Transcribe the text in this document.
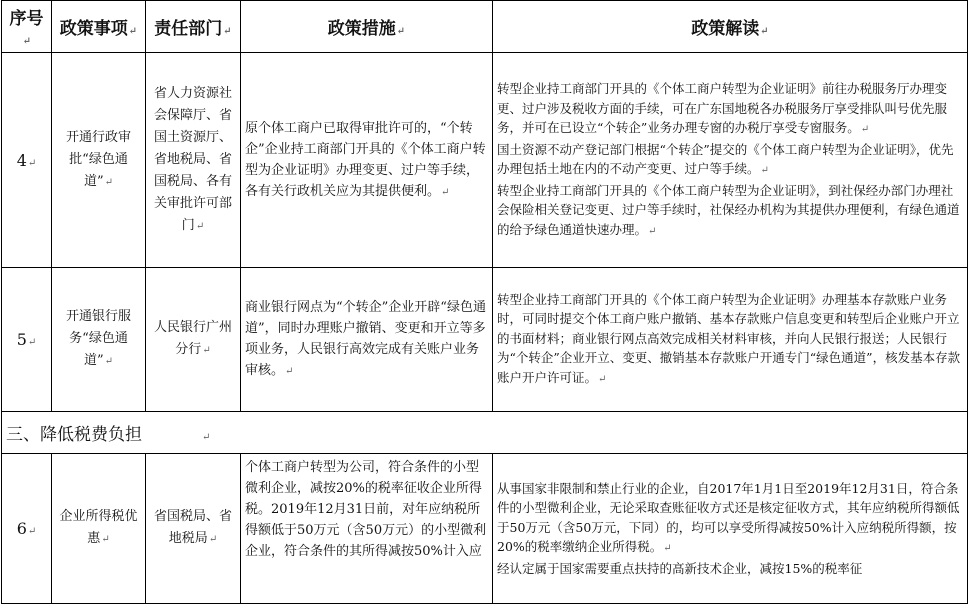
序号↵	政策事项↵	责任部门↵	政策措施↵	政策解读↵
4↵	开通行政审批“绿色通道”↵	省人力资源社会保障厅、省国土资源厅、省地税局、省国税局、各有关审批许可部门↵	原个体工商户已取得审批许可的，“个转企”企业持工商部门开具的《个体工商户转型为企业证明》办理变更、过户等手续，各有关行政机关应为其提供便利。↵	转型企业持工商部门开具的《个体工商户转型为企业证明》前往办税服务厅办理变更、过户涉及税收方面的手续，可在广东国地税各办税服务厅享受排队叫号优先服务，并可在已设立“个转企”业务办理专窗的办税厅享受专窗服务。↵

国土资源不动产登记部门根据“个转企”提交的《个体工商户转型为企业证明》，优先办理包括土地在内的不动产变更、过户等手续。↵

转型企业持工商部门开具的《个体工商户转型为企业证明》，到社保经办部门办理社会保险相关登记变更、过户等手续时，社保经办机构为其提供办理便利，有绿色通道的给予绿色通道快速办理。↵

5↵	开通银行服务“绿色通道”↵	人民银行广州分行↵	商业银行网点为“个转企”企业开辟“绿色通道”，同时办理账户撤销、变更和开立等多项业务，人民银行高效完成有关账户业务审核。↵	转型企业持工商部门开具的《个体工商户转型为企业证明》办理基本存款账户业务时，可同时提交个体工商户账户撤销、基本存款账户信息变更和转型后企业账户开立的书面材料；商业银行网点高效完成相关材料审核，并向人民银行报送；人民银行为“个转企”企业开立、变更、撤销基本存款账户开通专门“绿色通道”，核发基本存款账户开户许可证。↵

三、降低税费负担 ↵				
6↵	企业所得税优惠↵	省国税局、省地税局↵	个体工商户转型为公司，符合条件的小型微利企业，减按20%的税率征收企业所得税。2019年12月31日前，对年应纳税所得额低于50万元（含50万元）的小型微利企业，符合条件的其所得减按50%计入应	从事国家非限制和禁止行业的企业，自2017年1月1日至2019年12月31日，符合条件的小型微利企业，无论采取查账征收方式还是核定征收方式，其年应纳税所得额低于50万元（含50万元，下同）的，均可以享受所得减按50%计入应纳税所得额，按20%的税率缴纳企业所得税。↵

经认定属于国家需要重点扶持的高新技术企业，减按15%的税率征
